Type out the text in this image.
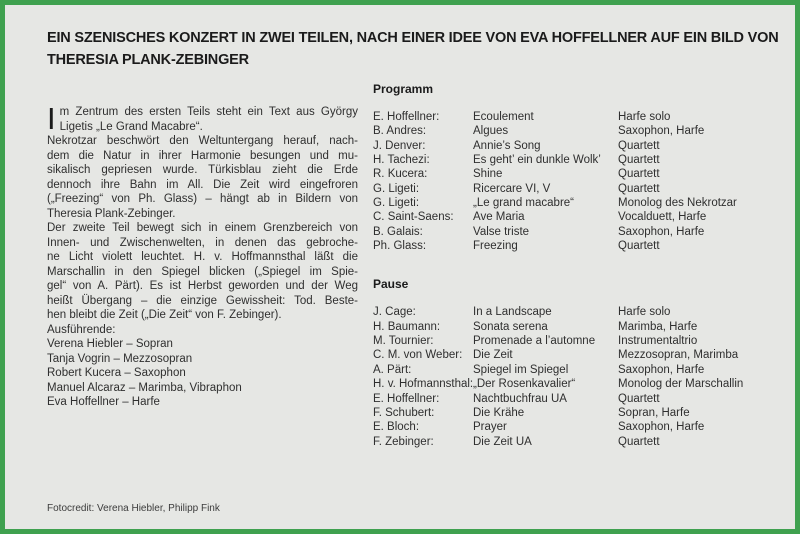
EIN SZENISCHES KONZERT IN ZWEI TEILEN, NACH EINER IDEE VON EVA HOFFELLNER AUF EIN BILD VON
THERESIA PLANK-ZEBINGER
I m Zentrum des ersten Teils steht ein Text aus György
Ligetis „Le Grand Macabre“.
Nekrotzar beschwört den Weltuntergang herauf, nach-
dem die Natur in ihrer Harmonie besungen und mu-
sikalisch gepriesen wurde. Türkisblau zieht die Erde
dennoch ihre Bahn im All. Die Zeit wird eingefroren
(„Freezing“ von Ph. Glass) – hängt ab in Bildern von
Theresia Plank-Zebinger.
Der zweite Teil bewegt sich in einem Grenzbereich von
Innen- und Zwischenwelten, in denen das gebroche-
ne Licht violett leuchtet. H. v. Hoffmannsthal läßt die
Marschallin in den Spiegel blicken („Spiegel im Spie-
gel“ von A. Pärt). Es ist Herbst geworden und der Weg
heißt Übergang – die einzige Gewissheit: Tod. Beste-
hen bleibt die Zeit („Die Zeit“ von F. Zebinger).
Ausführende:
Verena Hiebler – Sopran
Tanja Vogrin – Mezzosopran
Robert Kucera – Saxophon
Manuel Alcaraz – Marimba, Vibraphon
Eva Hoffellner – Harfe
Programm
E. Hoffellner:	Ecoulement	Harfe solo
B. Andres:	Algues	Saxophon, Harfe
J. Denver:	Annie’s Song	Quartett
H. Tachezi:	Es geht’ ein dunkle Wolk’	Quartett
R. Kucera:	Shine	Quartett
G. Ligeti:	Ricercare VI, V	Quartett
G. Ligeti:	„Le grand macabre“	Monolog des Nekrotzar
C. Saint-Saens:	Ave Maria	Vocalduett, Harfe
B. Galais:	Valse triste	Saxophon, Harfe
Ph. Glass:	Freezing	Quartett
Pause
J. Cage:	In a Landscape	Harfe solo
H. Baumann:	Sonata serena	Marimba, Harfe
M. Tournier:	Promenade a l’automne	Instrumentaltrio
C. M. von Weber: Die Zeit	Mezzosopran, Marimba
A. Pärt:	Spiegel im Spiegel	Saxophon, Harfe
H. v. Hofmannsthal: „Der Rosenkavalier“	Monolog der Marschallin
E. Hoffellner:	Nachtbuchfrau UA	Quartett
F. Schubert:	Die Krähe	Sopran, Harfe
E. Bloch:	Prayer	Saxophon, Harfe
F. Zebinger:	Die Zeit UA	Quartett
Fotocredit: Verena Hiebler, Philipp Fink
